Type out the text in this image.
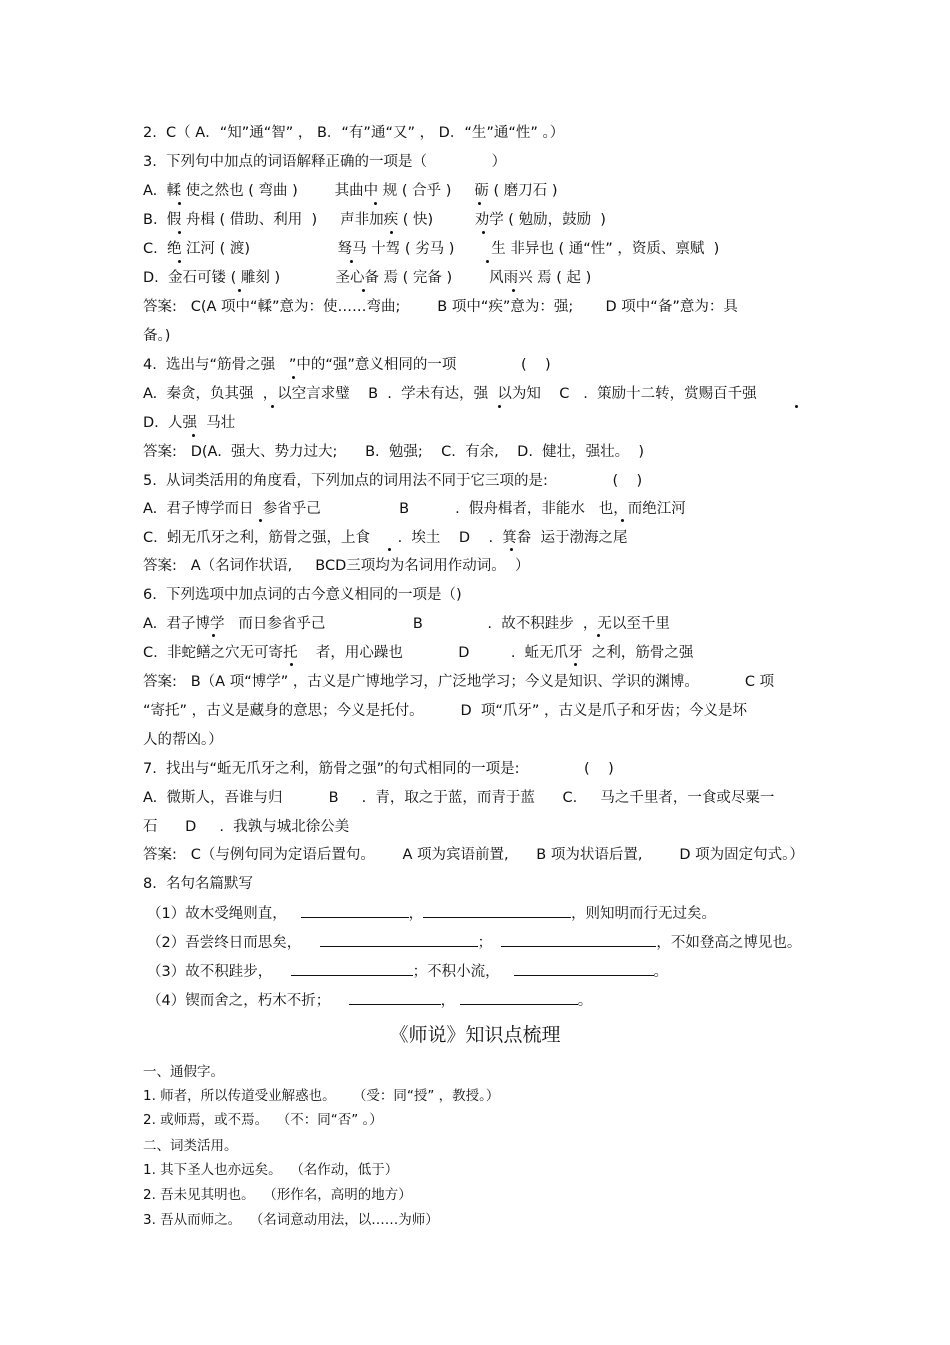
2.  C（ A．“知”通“智” ， B．“有”通“又” ， D．“生”通“性” 。）
3.  下列句中加点的词语解释正确的一项是（              ）
A.  輮 使之然也 ( 弯曲 )        其曲中 规 ( 合乎 )     砺 ( 磨刀石 )
B.  假 舟楫 ( 借助、利用  )     声非加疾 ( 快)         劝学 ( 勉励，鼓励  )
C.  绝 江河 ( 渡)                   驽马 十驾 ( 劣马 )        生 非异也 ( 通“性” ，资质、禀赋  )
D.  金石可镂 ( 雕刻 )            圣心备 焉 ( 完备 )        风雨兴 焉 ( 起 )
答案:   C(A 项中“輮”意为：使……弯曲;        B 项中“疾”意为：强;       D 项中“备”意为：具
备。)
4.  选出与“筋骨之强   ”中的“强”意义相同的一项              (    )
A.  秦贪，负其强  ，以空言求璧    B  .  学未有达，强  以为知    C   .  策励十二转，赏赐百千强
D.  人强  马壮
答案:   D(A.  强大、势力过大;      B.  勉强;    C.  有余,    D.  健壮，强壮。  )
5.  从词类活用的角度看，下列加点的词用法不同于它三项的是:              (    )
A.  君子博学而日  参省乎己                 B          .  假舟楫者，非能水   也，而绝江河
C.  蚓无爪牙之利，筋骨之强，上食      .  埃土    D    .  箕畚  运于渤海之尾
答案:   A（名词作状语,     BCD三项均为名词用作动词。  ）
6.  下列选项中加点词的古今意义相同的一项是（)
A.  君子博学   而日参省乎己                   B              .  故不积跬步  ，无以至千里
C.  非蛇鳝之穴无可寄托    者，用心躁也            D         .  蚯无爪牙  之利，筋骨之强
答案:   B（A 项“博学” ，古义是广博地学习，广泛地学习；今义是知识、学识的渊博。          C 项
“寄托” ，古义是藏身的意思；今义是托付。        D  项“爪牙” ，古义是爪子和牙齿；今义是坏
人的帮凶。）
7.  找出与“蚯无爪牙之利，筋骨之强”的句式相同的一项是:              (    )
A.  微斯人，吾谁与归          B     .  青，取之于蓝，而青于蓝      C.     马之千里者，一食或尽粟一
石      D     .  我孰与城北徐公美
答案:   C（与例句同为定语后置句。      A 项为宾语前置,      B 项为状语后置,        D 项为固定句式。）
8.  名句名篇默写
（1）故木受绳则直，	，	，则知明而行无过矣。
（2）吾尝终日而思矣，	；	，不如登高之博见也。
（3）故不积跬步，	；不积小流，	。
（4）锲而舍之，朽木不折；	，	。
《师说》知识点梳理
一、通假字。
1. 师者，所以传道受业解惑也。    （受：同“授” ，教授。）
2. 或师焉，或不焉。  （不：同“否” 。）
二、词类活用。
1. 其下圣人也亦远矣。  （名作动，低于）
2. 吾未见其明也。  （形作名，高明的地方）
3. 吾从而师之。  （名词意动用法，以……为师）
